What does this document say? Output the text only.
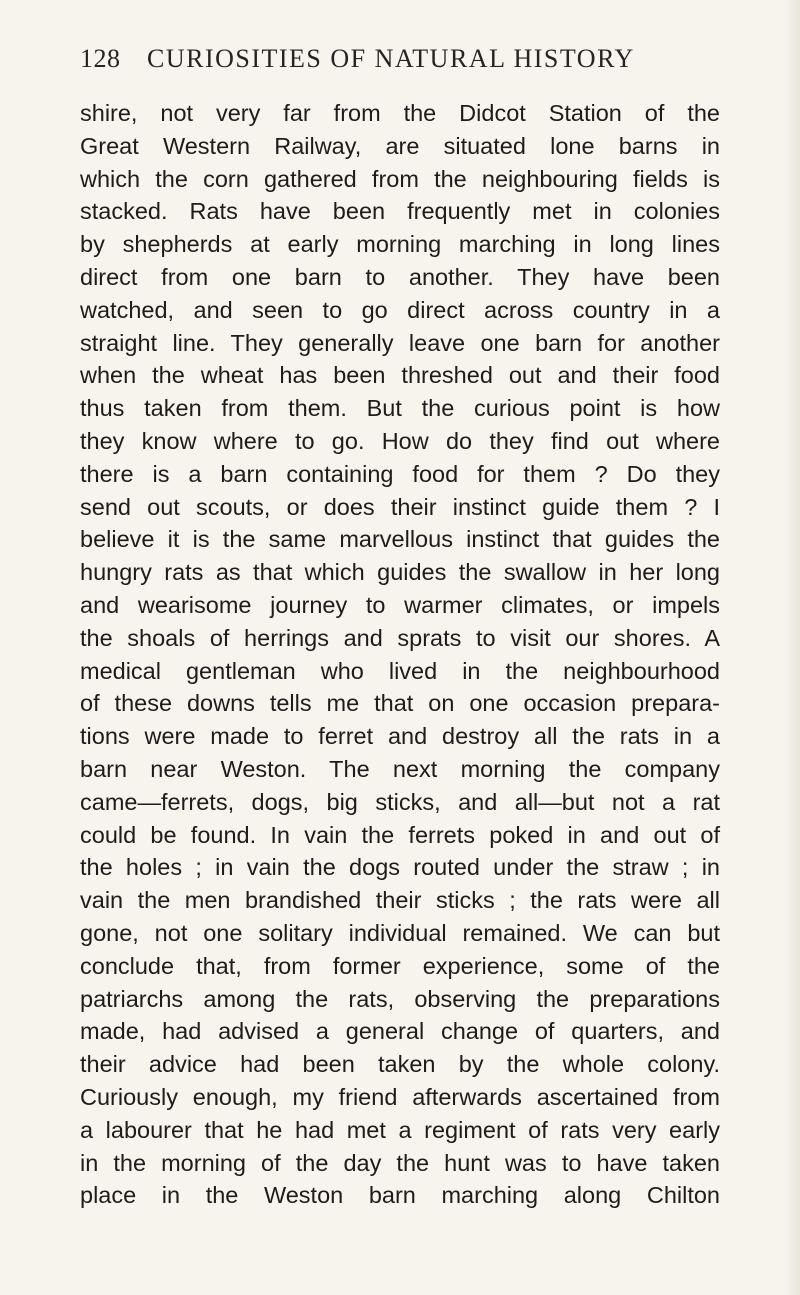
128 CURIOSITIES OF NATURAL HISTORY
shire, not very far from the Didcot Station of the
Great Western Railway, are situated lone barns in
which the corn gathered from the neighbouring fields is
stacked. Rats have been frequently met in colonies
by shepherds at early morning marching in long lines
direct from one barn to another. They have been
watched, and seen to go direct across country in a
straight line. They generally leave one barn for another
when the wheat has been threshed out and their food
thus taken from them. But the curious point is how
they know where to go. How do they find out where
there is a barn containing food for them ? Do they
send out scouts, or does their instinct guide them ? I
believe it is the same marvellous instinct that guides the
hungry rats as that which guides the swallow in her long
and wearisome journey to warmer climates, or impels
the shoals of herrings and sprats to visit our shores. A
medical gentleman who lived in the neighbourhood
of these downs tells me that on one occasion prepara-
tions were made to ferret and destroy all the rats in a
barn near Weston. The next morning the company
came—ferrets, dogs, big sticks, and all—but not a rat
could be found. In vain the ferrets poked in and out of
the holes ; in vain the dogs routed under the straw ; in
vain the men brandished their sticks ; the rats were all
gone, not one solitary individual remained. We can but
conclude that, from former experience, some of the
patriarchs among the rats, observing the preparations
made, had advised a general change of quarters, and
their advice had been taken by the whole colony.
Curiously enough, my friend afterwards ascertained from
a labourer that he had met a regiment of rats very early
in the morning of the day the hunt was to have taken
place in the Weston barn marching along Chilton
